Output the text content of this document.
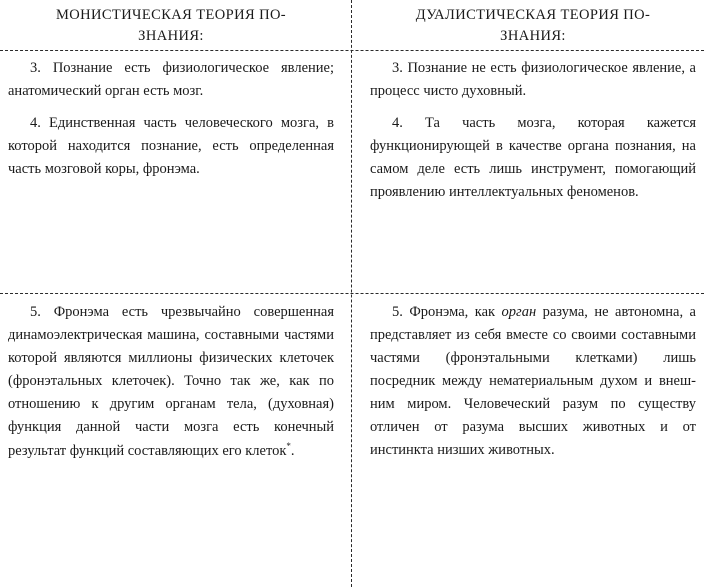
МОНИСТИЧЕСКАЯ ТЕОРИЯ ПО-
ЗНАНИЯ:
ДУАЛИСТИЧЕСКАЯ ТЕОРИЯ ПО-
ЗНАНИЯ:

3. Познание есть физиологическое явление; анатомический орган есть мозг.

4. Единственная часть человеческого мозга, в которой находится познание, есть определенная часть мозговой коры, фронэма.

3. Познание не есть физиологическое явление, а процесс чисто духовный.

4. Та часть мозга, которая кажется функционирующей в качестве органа познания, на самом деле есть лишь инструмент, помогающий проявлению интеллектуальных феноменов.

5. Фронэма есть чрезвычайно совершенная динамоэлектрическая машина, составными частями которой являются миллионы физических клеточек (фронэтальных клеточек). Точно так же, как по отношению к другим органам тела, (духовная) функция данной части мозга есть конечный результат функций составляющих его клеток*.

5. Фронэма, как орган разума, не автономна, а представляет из себя вместе со своими составными частями (фронэтальными клетками) лишь посредник между нематериальным духом и внешним миром. Человеческий разум по существу отличен от разума высших животных и от инстинкта низших животных.
